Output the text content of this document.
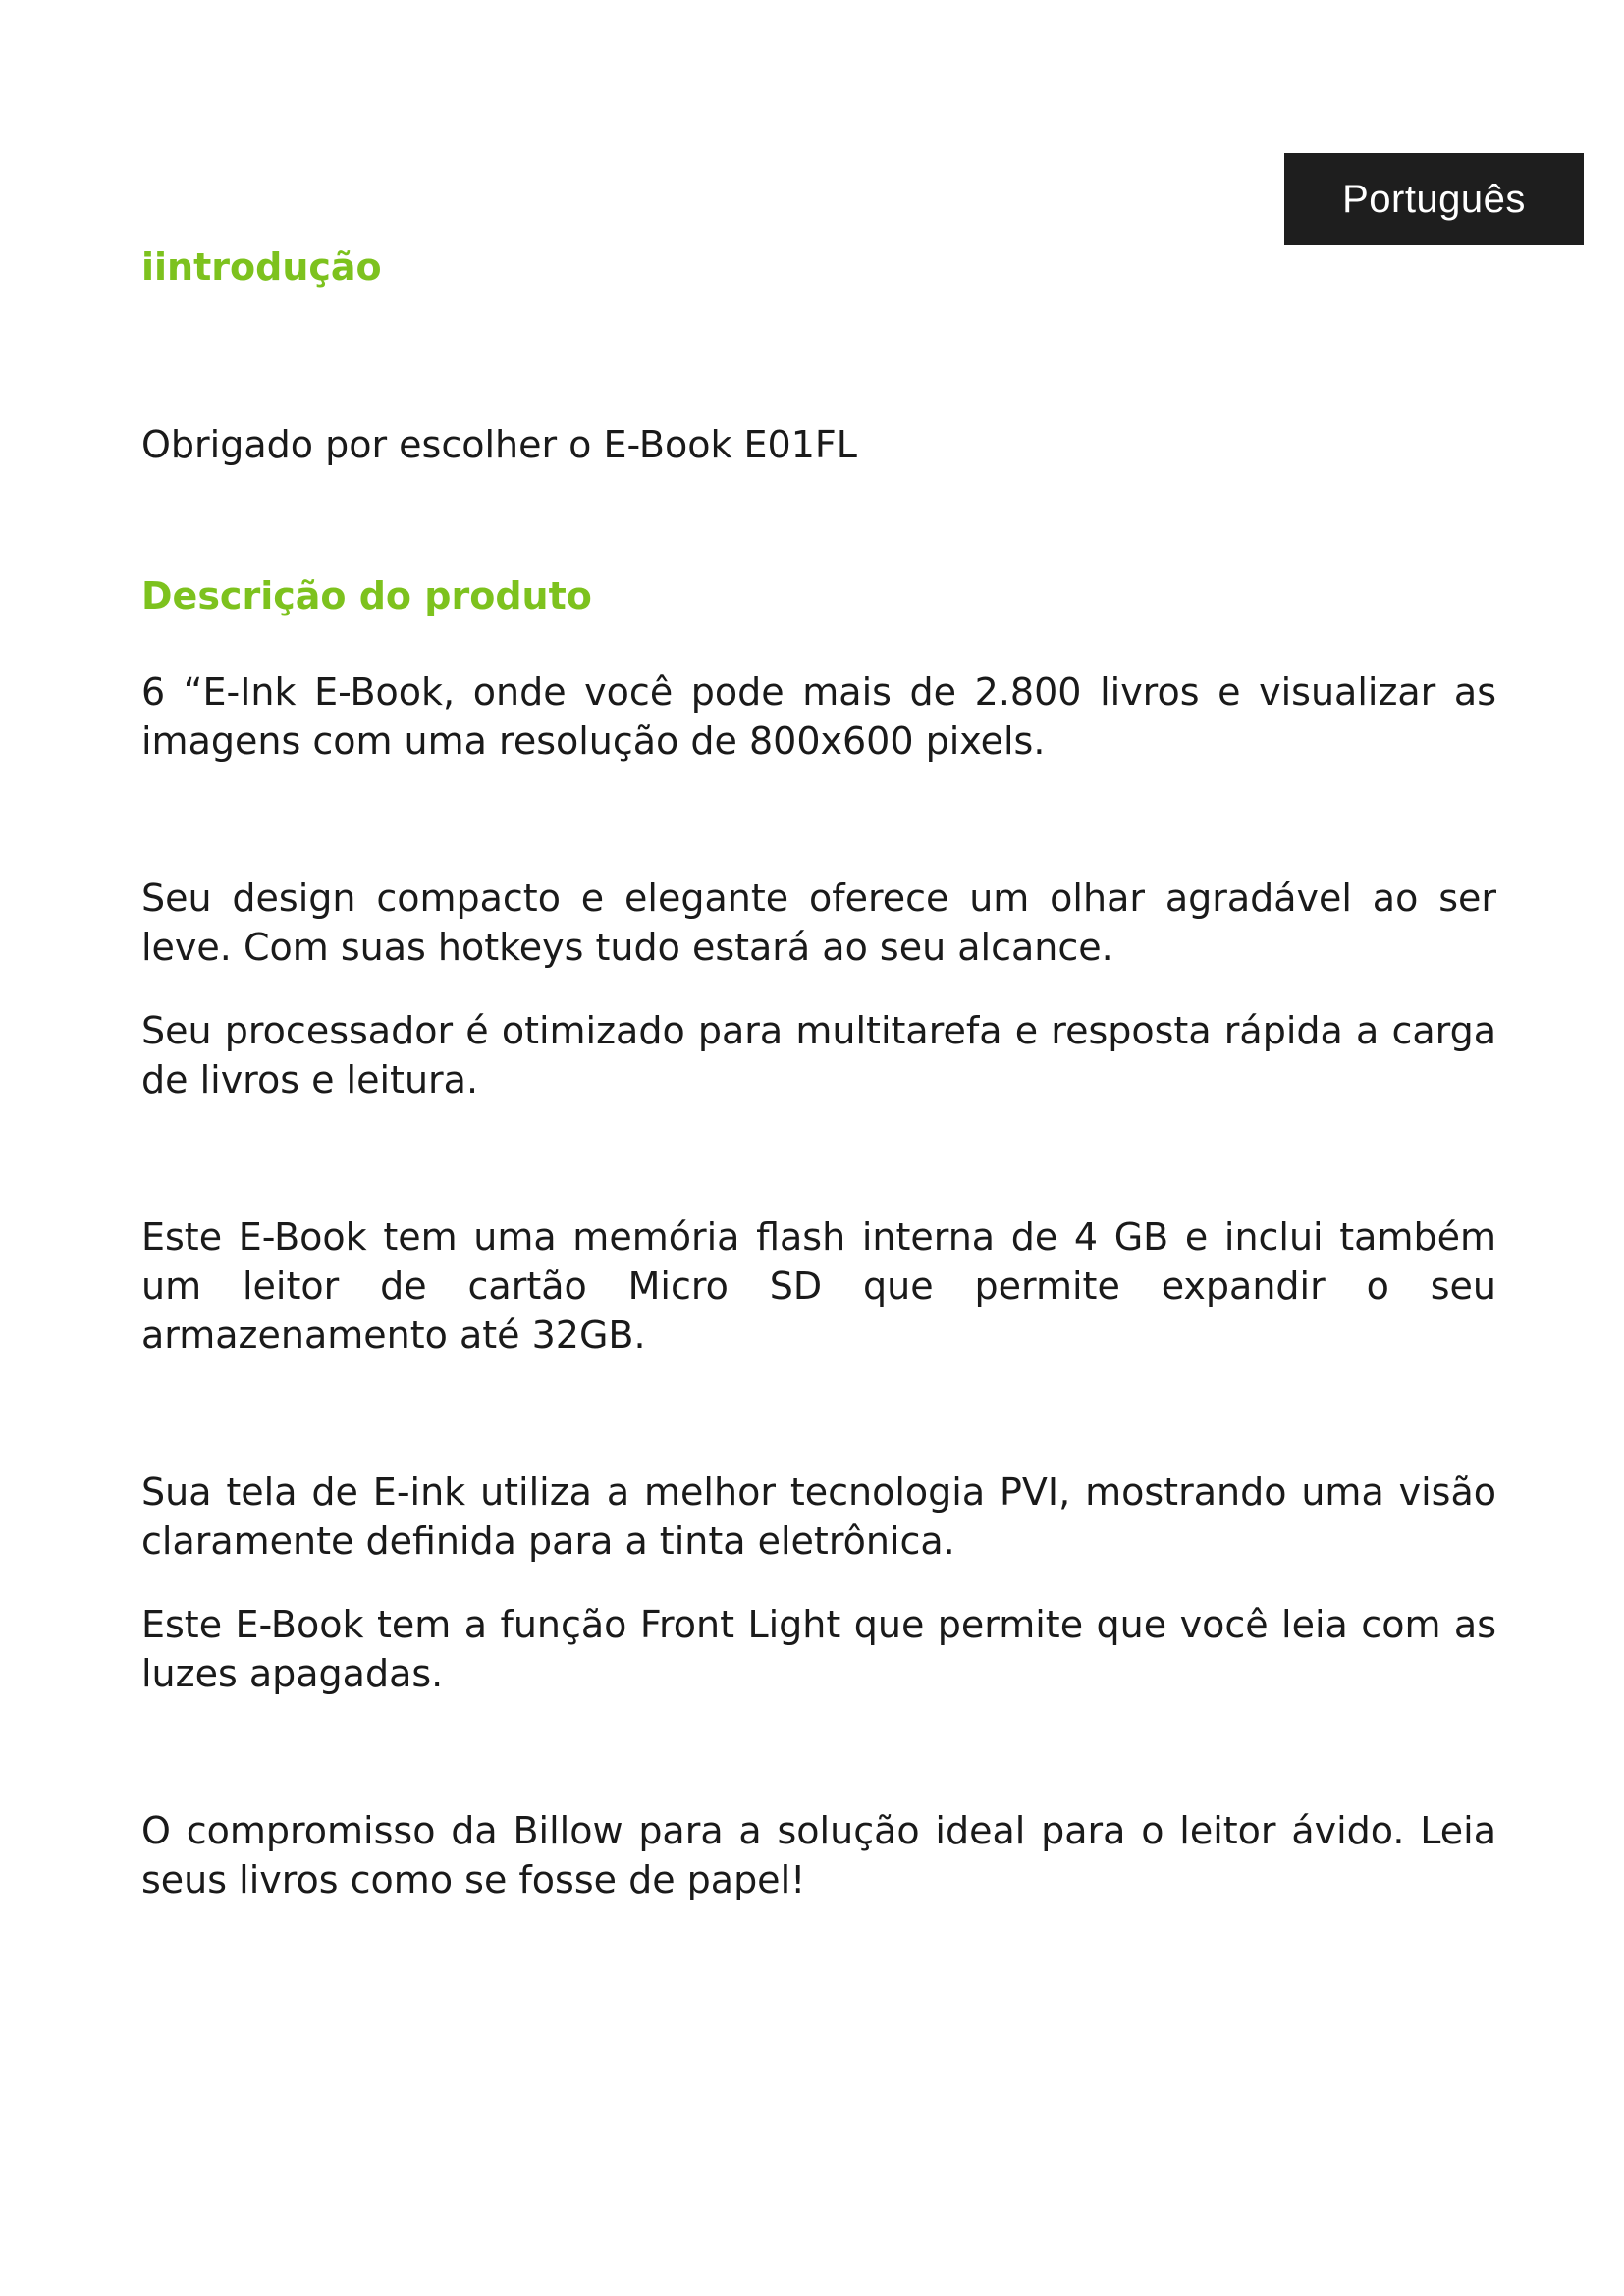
Português
iintrodução

Obrigado por escolher o E-Book E01FL

Descrição do produto

6 “E-Ink E-Book, onde você pode mais de 2.800 livros e visualizar as imagens com uma resolução de 800x600 pixels.

Seu design compacto e elegante oferece um olhar agradável ao ser leve. Com suas hotkeys tudo estará ao seu alcance.

Seu processador é otimizado para multitarefa e resposta rápida a carga de livros e leitura.

Este E-Book tem uma memória flash interna de 4 GB e inclui também um leitor de cartão Micro SD que permite expandir o seu armazenamento até 32GB.

Sua tela de E-ink utiliza a melhor tecnologia PVI, mostrando uma visão claramente definida para a tinta eletrônica.

Este E-Book tem a função Front Light que permite que você leia com as luzes apagadas.

O compromisso da Billow para a solução ideal para o leitor ávido. Leia seus livros como se fosse de papel!
